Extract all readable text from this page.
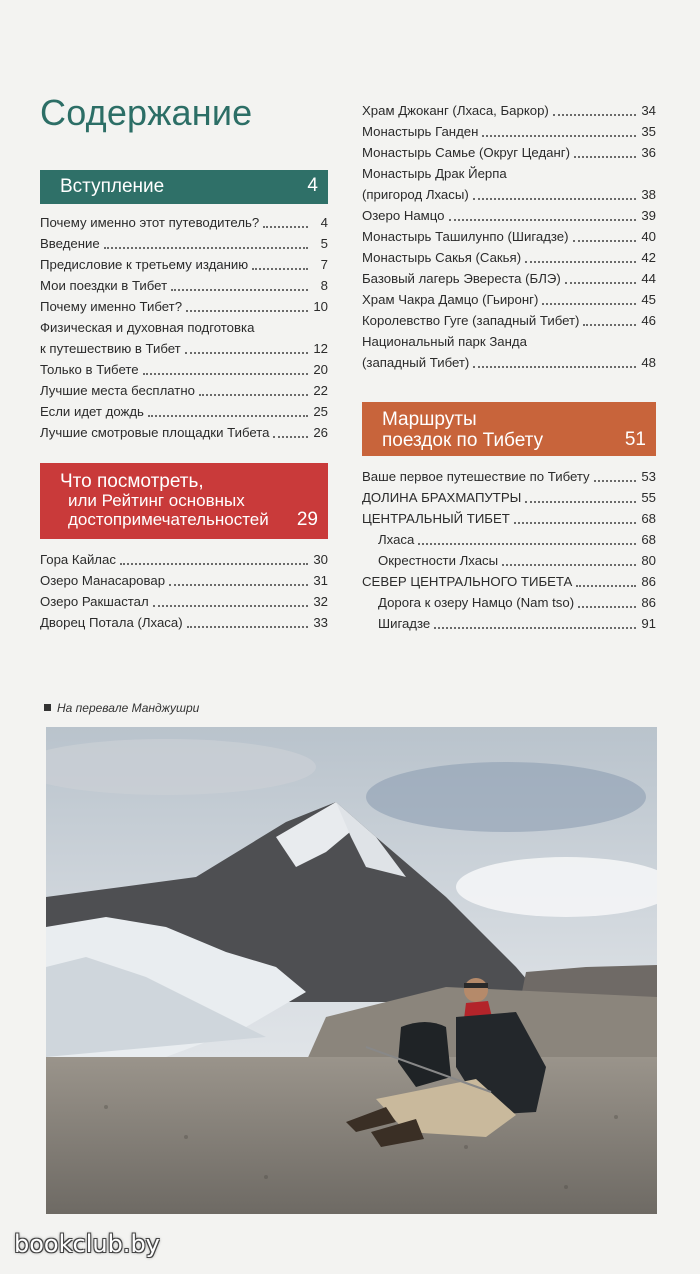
Содержание
Вступление	4
Почему именно этот путеводитель?	4
Введение	5
Предисловие к третьему изданию	7
Мои поездки в Тибет	8
Почему именно Тибет?	10
Физическая и духовная подготовка
к путешествию в Тибет	12
Только в Тибете	20
Лучшие места бесплатно	22
Если идет дождь	25
Лучшие смотровые площадки Тибета	26
Что посмотреть,
или Рейтинг основных
достопримечательностей 29
Гора Кайлас	30
Озеро Манасаровар	31
Озеро Ракшастал	32
Дворец Потала (Лхаса)	33
Храм Джоканг (Лхаса, Баркор)	34
Монастырь Ганден	35
Монастырь Самье (Округ Цеданг)	36
Монастырь Драк Йерпа
(пригород Лхасы)	38
Озеро Намцо	39
Монастырь Ташилунпо (Шигадзе)	40
Монастырь Сакья (Сакья)	42
Базовый лагерь Эвереста (БЛЭ)	44
Храм Чакра Дамцо (Гьиронг)	45
Королевство Гуге (западный Тибет)	46
Национальный парк Занда
(западный Тибет)	48
Маршруты
поездок по Тибету	51
Ваше первое путешествие по Тибету	53
ДОЛИНА БРАХМАПУТРЫ	55
ЦЕНТРАЛЬНЫЙ ТИБЕТ	68
Лхаса	68
Окрестности Лхасы	80
СЕВЕР ЦЕНТРАЛЬНОГО ТИБЕТА	86
Дорога к озеру Намцо (Nam tso)	86
Шигадзе	91
На перевале Манджушри
bookclub.by
